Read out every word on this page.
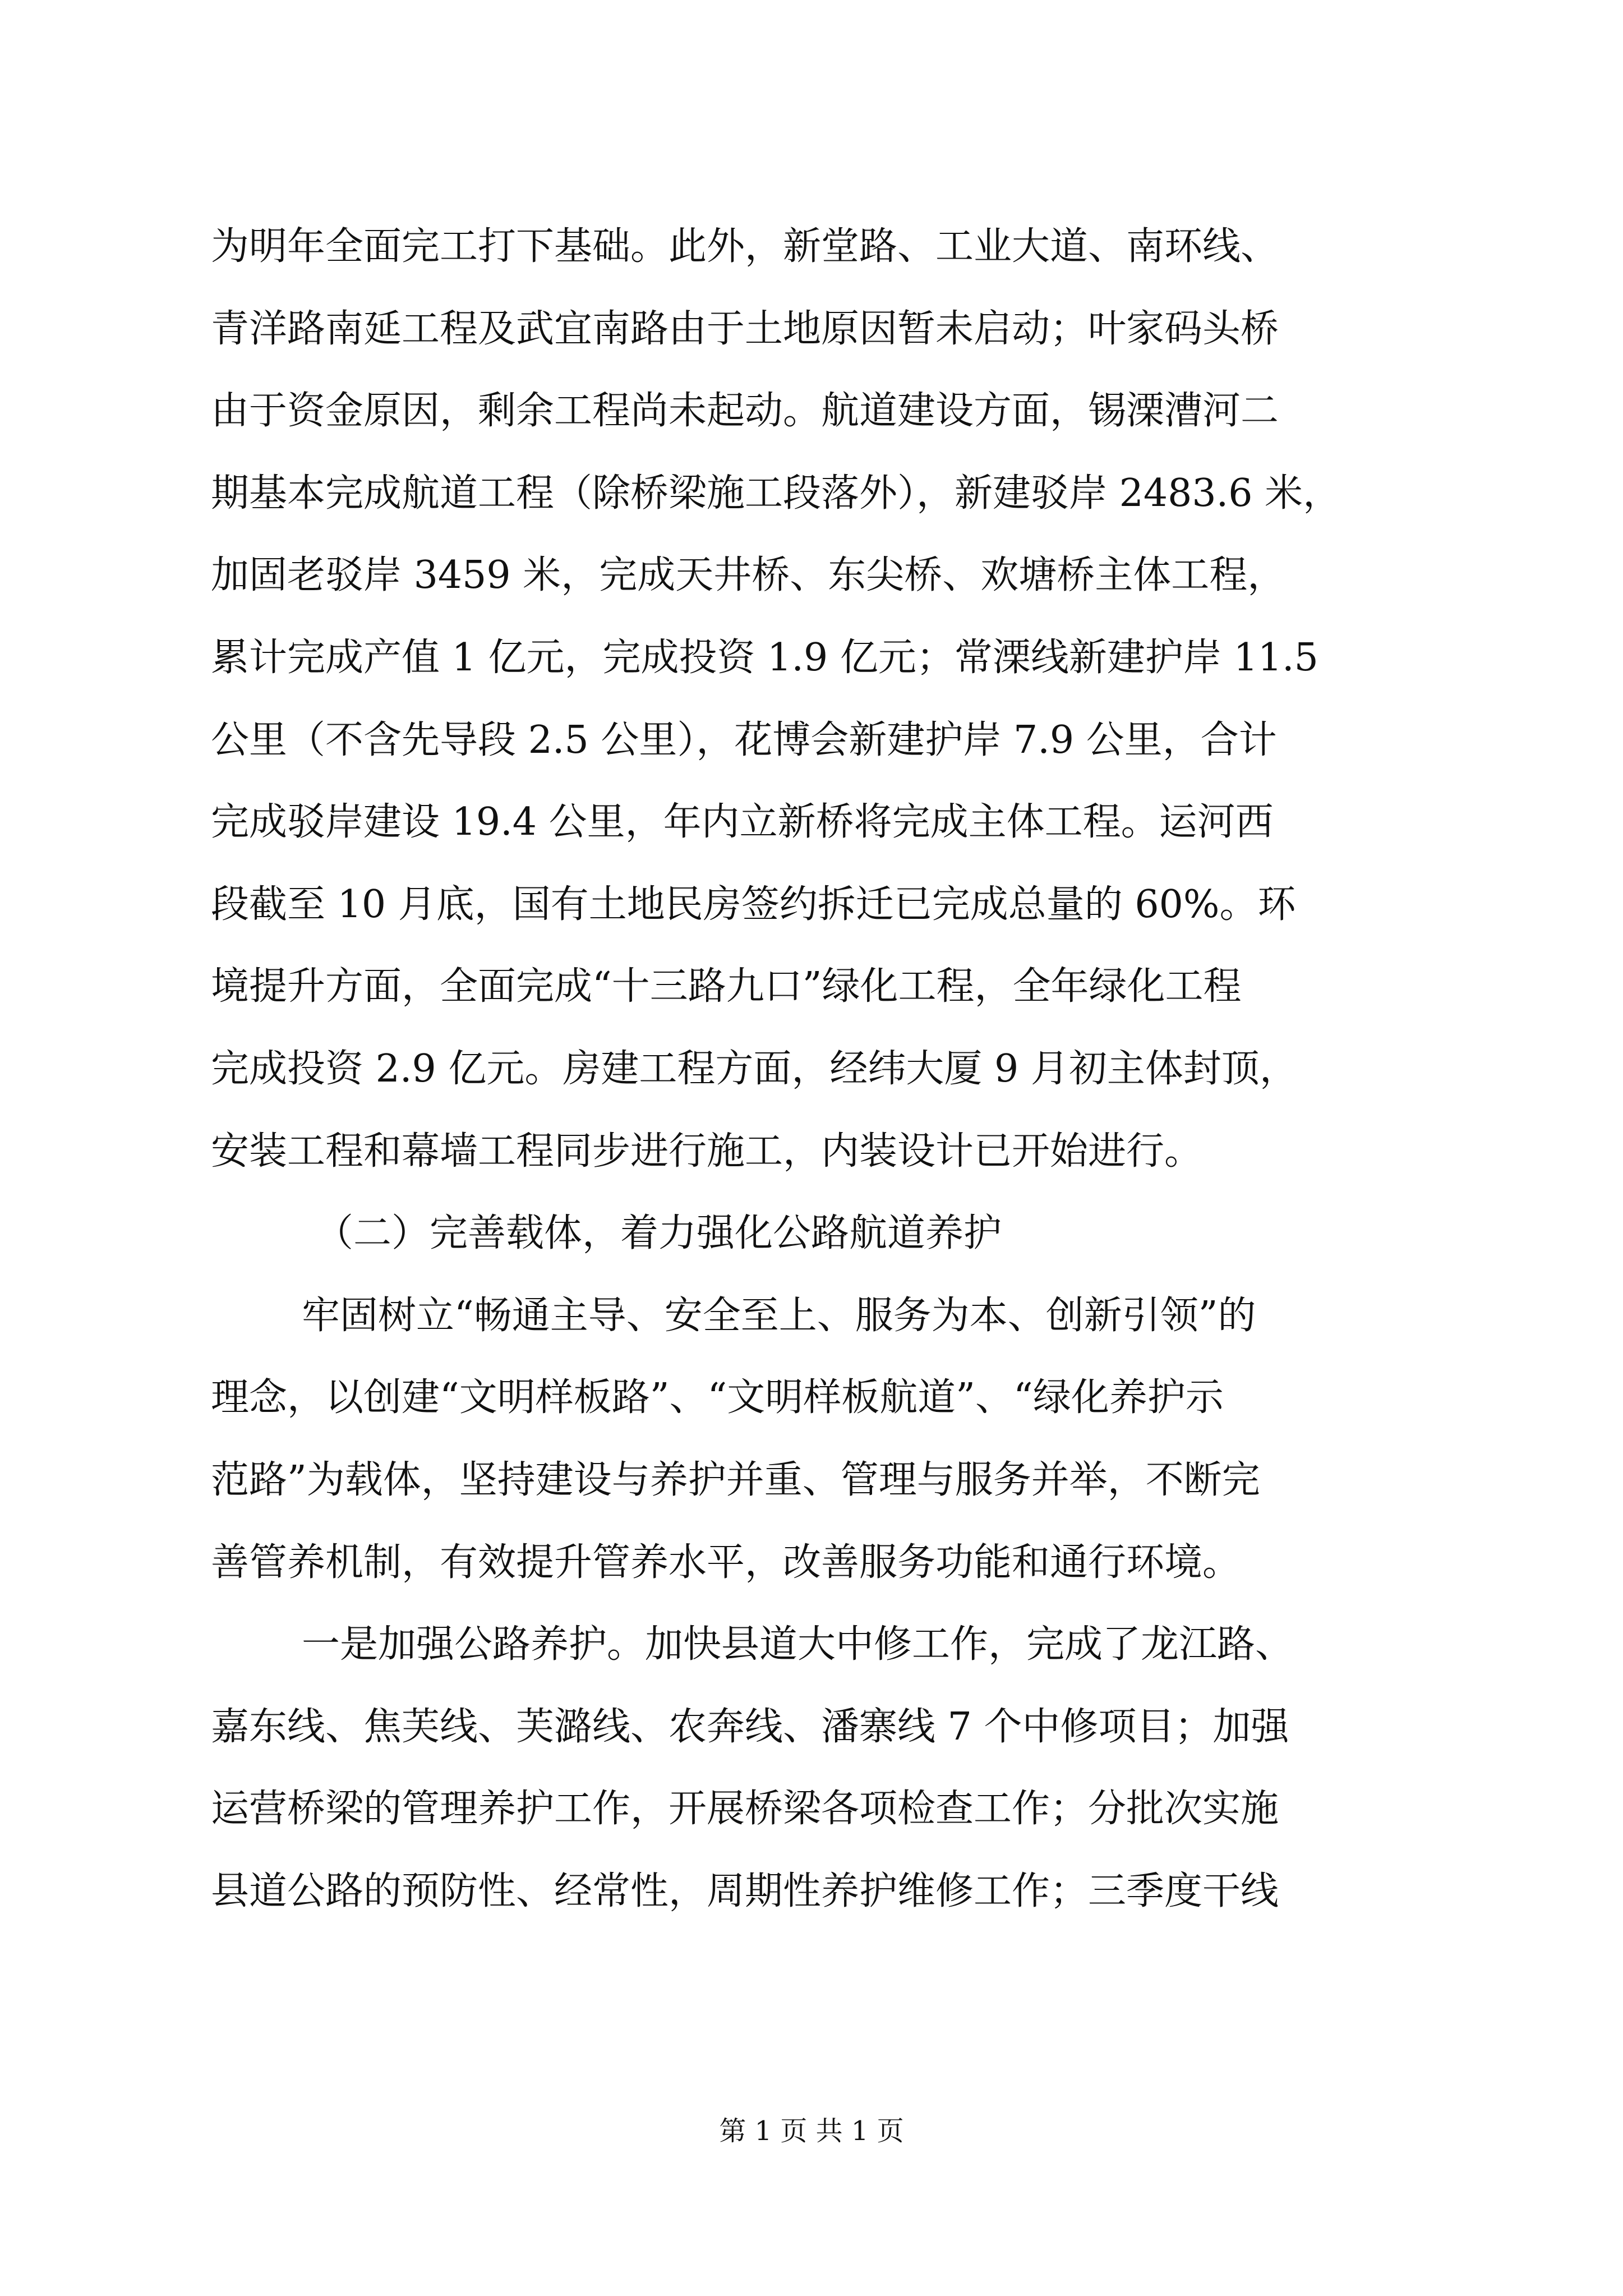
为明年全面完工打下基础。此外，新堂路、工业大道、南环线、
青洋路南延工程及武宜南路由于土地原因暂未启动；叶家码头桥
由于资金原因，剩余工程尚未起动。航道建设方面，锡溧漕河二
期基本完成航道工程（除桥梁施工段落外），新建驳岸 2483.6 米，
加固老驳岸 3459 米，完成天井桥、东尖桥、欢塘桥主体工程，
累计完成产值 1 亿元，完成投资 1.9 亿元；常溧线新建护岸 11.5
公里（不含先导段 2.5 公里），花博会新建护岸 7.9 公里，合计
完成驳岸建设 19.4 公里，年内立新桥将完成主体工程。运河西
段截至 10 月底，国有土地民房签约拆迁已完成总量的 60%。环
境提升方面，全面完成“十三路九口”绿化工程，全年绿化工程
完成投资 2.9 亿元。房建工程方面，经纬大厦 9 月初主体封顶，
安装工程和幕墙工程同步进行施工，内装设计已开始进行。
（二）完善载体，着力强化公路航道养护
牢固树立“畅通主导、安全至上、服务为本、创新引领”的
理念，以创建“文明样板路”、“文明样板航道”、“绿化养护示
范路”为载体，坚持建设与养护并重、管理与服务并举，不断完
善管养机制，有效提升管养水平，改善服务功能和通行环境。
一是加强公路养护。加快县道大中修工作，完成了龙江路、
嘉东线、焦芙线、芙潞线、农奔线、潘寨线 7 个中修项目；加强
运营桥梁的管理养护工作，开展桥梁各项检查工作；分批次实施
县道公路的预防性、经常性，周期性养护维修工作；三季度干线
第 1 页 共 1 页
